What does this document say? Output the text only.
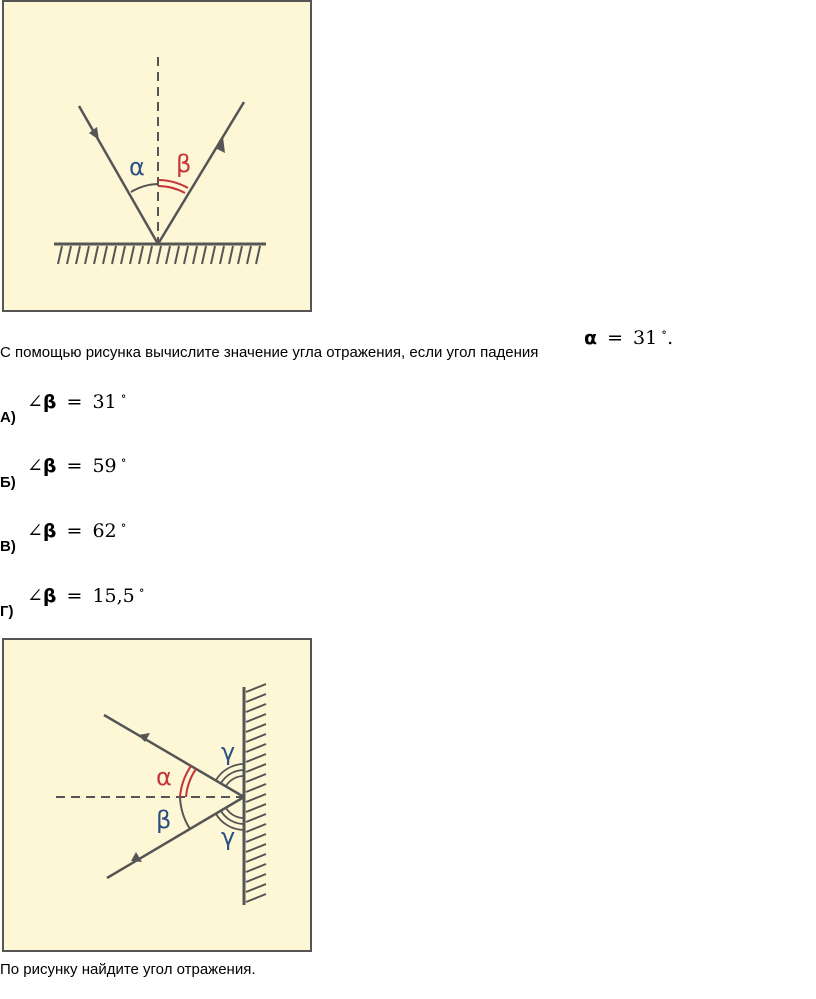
α β
С помощью рисунка вычислите значение угла отражения, если угол падения
α = 31 ∘.
∠β = 31 ∘
А)
∠β = 59 ∘
Б)
∠β = 62 ∘
В)
∠β = 15,5 ∘
Г)
α
β
γ
γ
По рисунку найдите угол отражения.
